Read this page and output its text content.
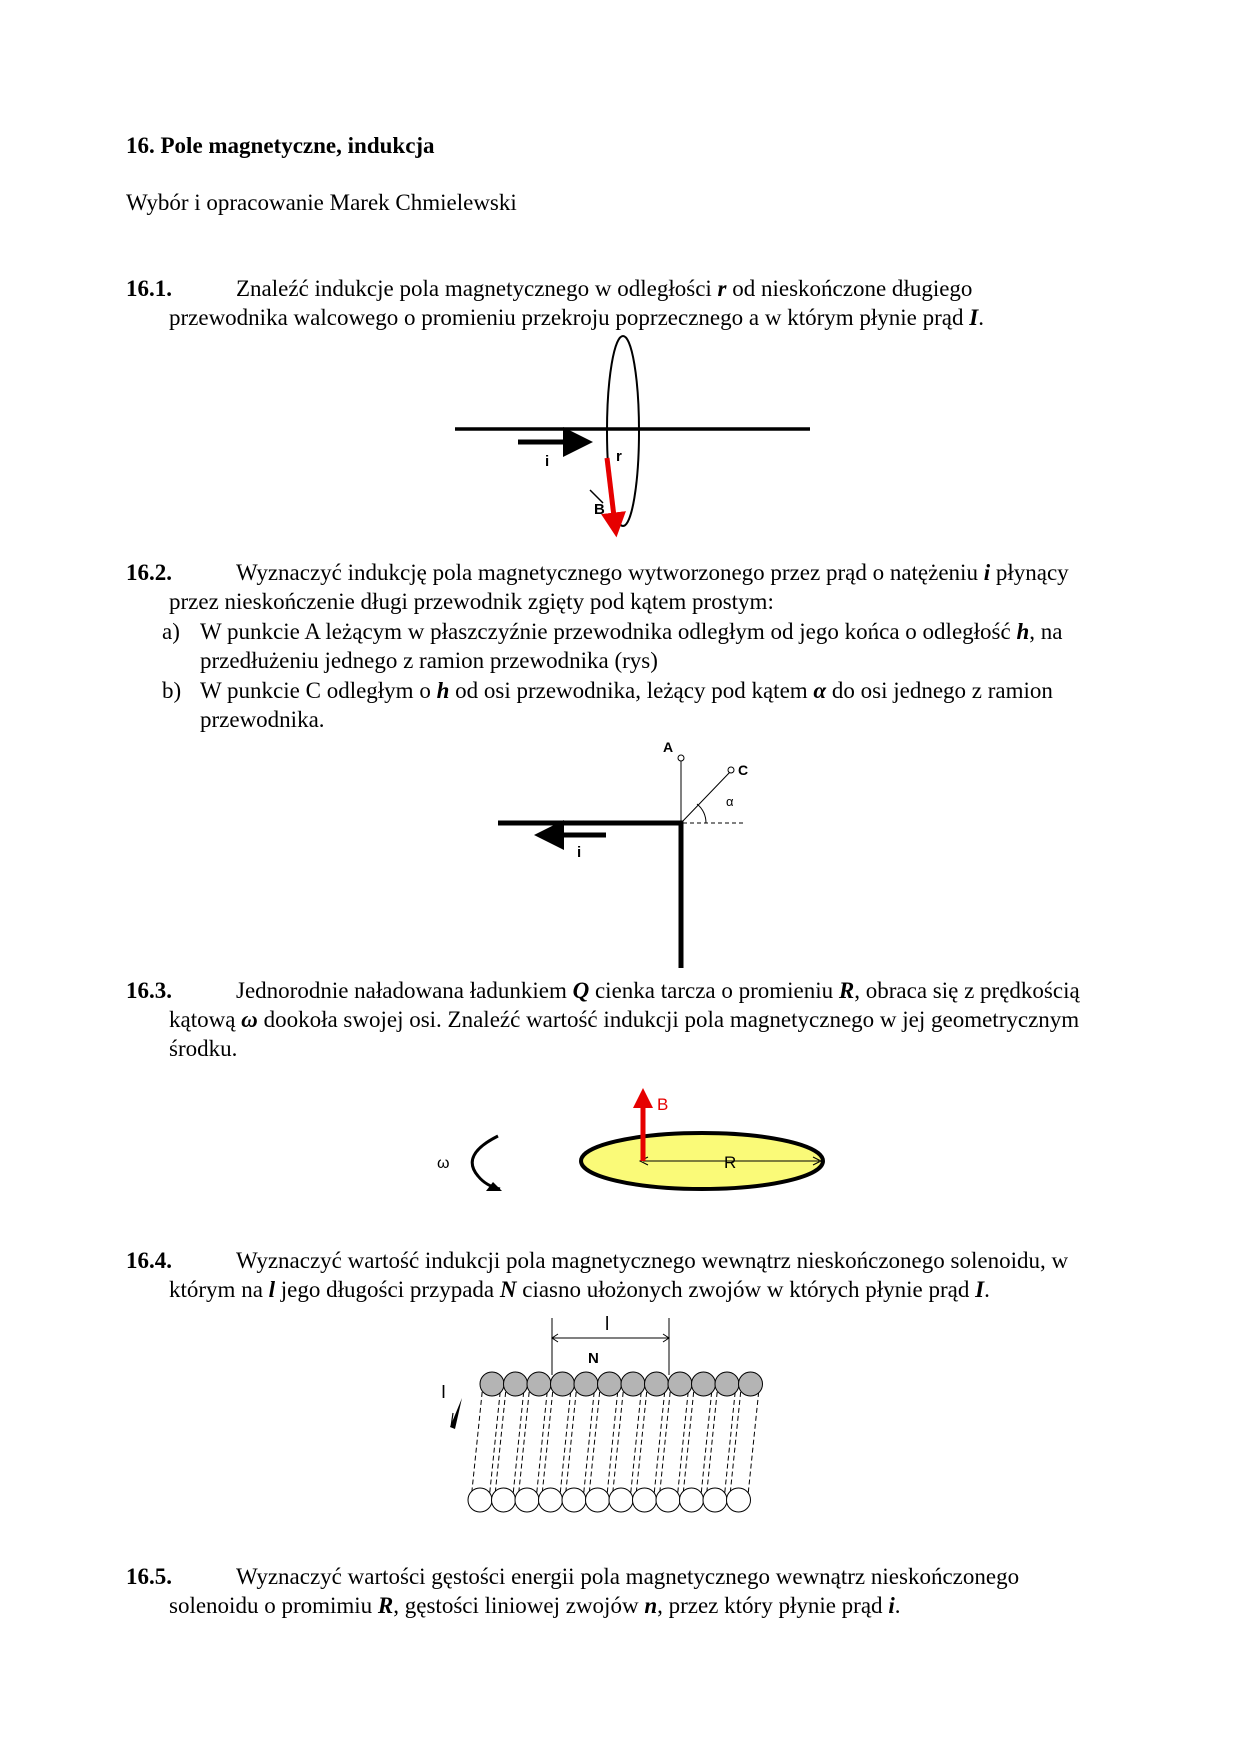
16. Pole magnetyczne, indukcja
Wybór i opracowanie Marek Chmielewski
16.1.	Znaleźć indukcje pola magnetycznego w odległości r od nieskończone długiego
przewodnika walcowego o promieniu przekroju poprzecznego a w którym płynie prąd I.
i	r
B
A
C
α
i
ω
B
R
l
N
I
16.2.	Wyznaczyć indukcję pola magnetycznego wytworzonego przez prąd o natężeniu i płynący
przez nieskończenie długi przewodnik zgięty pod kątem prostym:
a) W punkcie A leżącym w płaszczyźnie przewodnika odległym od jego końca o odległość h, na
przedłużeniu jednego z ramion przewodnika (rys)
b) W punkcie C odległym o h od osi przewodnika, leżący pod kątem α do osi jednego z ramion
przewodnika.
16.3.	Jednorodnie naładowana ładunkiem Q cienka tarcza o promieniu R, obraca się z prędkością
kątową ω dookoła swojej osi. Znaleźć wartość indukcji pola magnetycznego w jej geometrycznym
środku.
16.4.	Wyznaczyć wartość indukcji pola magnetycznego wewnątrz nieskończonego solenoidu, w
którym na l jego długości przypada N ciasno ułożonych zwojów w których płynie prąd I.
16.5.	Wyznaczyć wartości gęstości energii pola magnetycznego wewnątrz nieskończonego
solenoidu o promimiu R, gęstości liniowej zwojów n, przez który płynie prąd i.
